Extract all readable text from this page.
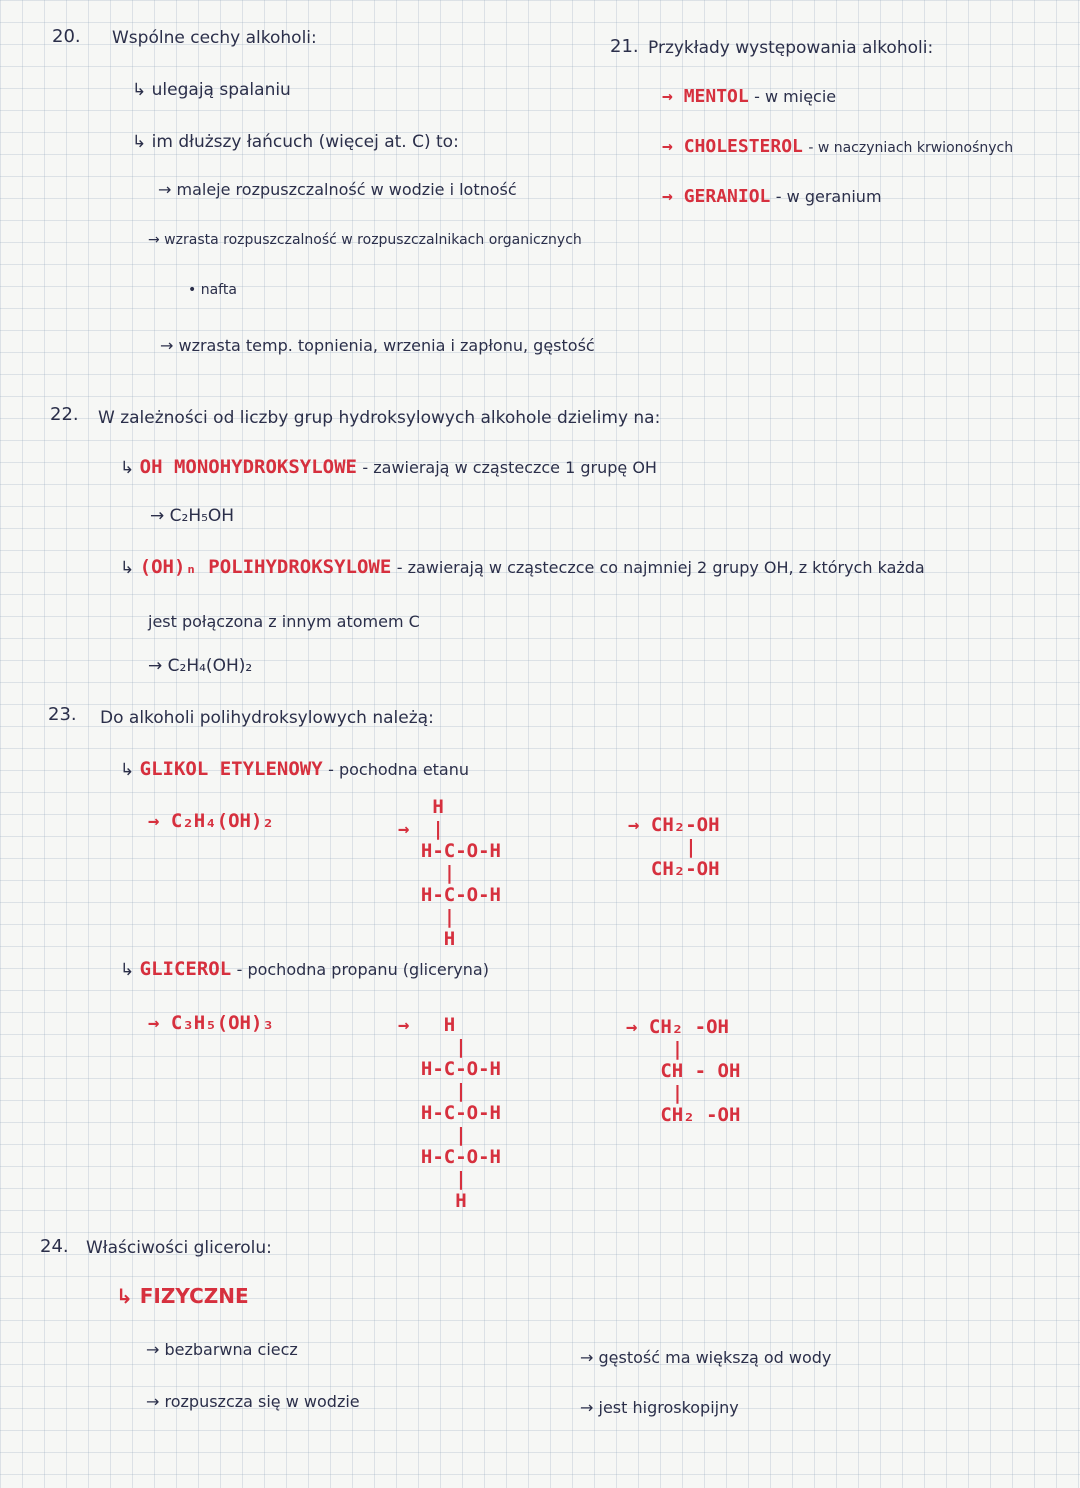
20. Wspólne cechy alkoholi:
↳ ulegają spalaniu
↳ im dłuższy łańcuch (więcej at. C) to:
→ maleje rozpuszczalność w wodzie i lotność
→ wzrasta rozpuszczalność w rozpuszczalnikach organicznych
• nafta
→ wzrasta temp. topnienia, wrzenia i zapłonu, gęstość
21. Przykłady występowania alkoholi:
→ MENTOL - w mięcie
→ CHOLESTEROL - w naczyniach krwionośnych
→ GERANIOL - w geranium
22. W zależności od liczby grup hydroksylowych alkohole dzielimy na:
↳ OH MONOHYDROKSYLOWE - zawierają w cząsteczce 1 grupę OH
→ C₂H₅OH
↳ (OH)ₙ POLIHYDROKSYLOWE - zawierają w cząsteczce co najmniej 2 grupy OH, z których każda
jest połączona z innym atomem C
→ C₂H₄(OH)₂
23. Do alkoholi polihydroksylowych należą:
↳ GLIKOL ETYLENOWY - pochodna etanu
→ C₂H₄(OH)₂
H
→  |
H-C-O-H
|
H-C-O-H
|
H
→ CH₂-OH
|
CH₂-OH
↳ GLICEROL - pochodna propanu (gliceryna)
→ C₃H₅(OH)₃	→   H
|
H-C-O-H
|
H-C-O-H
|
H-C-O-H
|
H
→ CH₂ -OH
|
CH - OH
|
CH₂ -OH
24. Właściwości glicerolu:
↳ FIZYCZNE
→ bezbarwna ciecz
→ rozpuszcza się w wodzie
→ gęstość ma większą od wody
→ jest higroskopijny
